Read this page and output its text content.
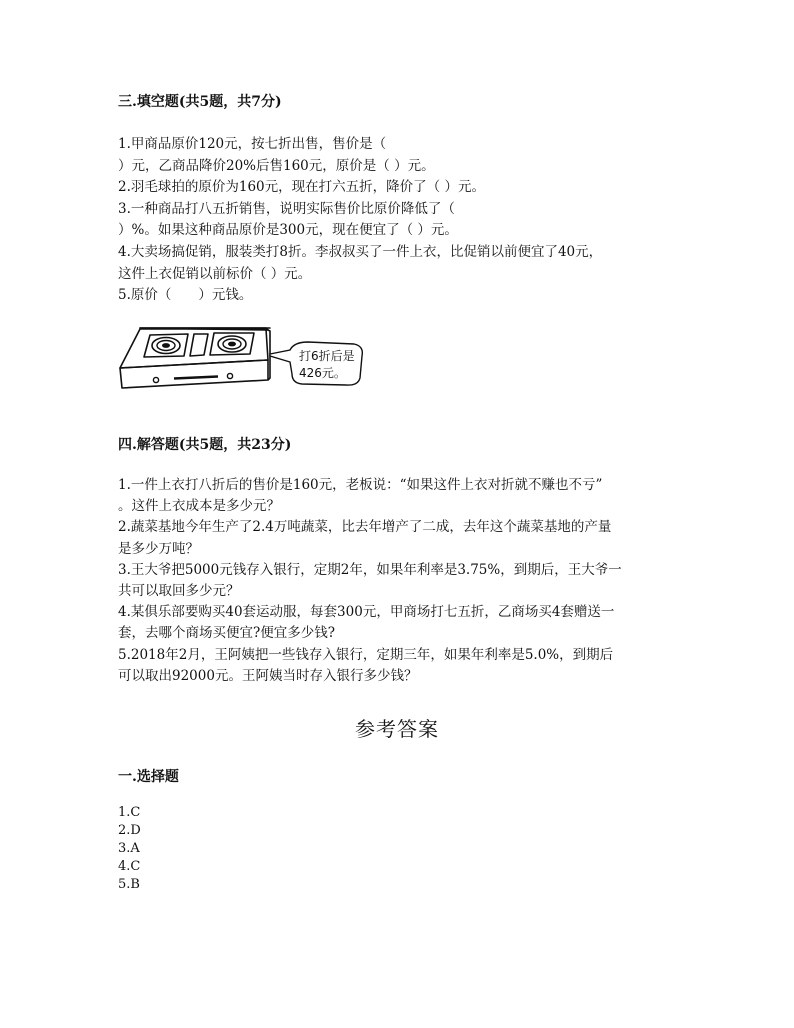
三.填空题(共5题，共7分)
1.甲商品原价120元，按七折出售，售价是（
）元，乙商品降价20%后售160元，原价是（ ）元。
2.羽毛球拍的原价为160元，现在打六五折，降价了（ ）元。
3.一种商品打八五折销售，说明实际售价比原价降低了（
）%。如果这种商品原价是300元，现在便宜了（ ）元。
4.大卖场搞促销，服装类打8折。李叔叔买了一件上衣，比促销以前便宜了40元，
这件上衣促销以前标价（ ）元。
5.原价（　　）元钱。
打6折后是
426元。
四.解答题(共5题，共23分)
1.一件上衣打八折后的售价是160元，老板说：“如果这件上衣对折就不赚也不亏”
。这件上衣成本是多少元？
2.蔬菜基地今年生产了2.4万吨蔬菜，比去年增产了二成，去年这个蔬菜基地的产量
是多少万吨？
3.王大爷把5000元钱存入银行，定期2年，如果年利率是3.75%，到期后，王大爷一
共可以取回多少元？
4.某俱乐部要购买40套运动服，每套300元，甲商场打七五折，乙商场买4套赠送一
套，去哪个商场买便宜?便宜多少钱?
5.2018年2月，王阿姨把一些钱存入银行，定期三年，如果年利率是5.0%，到期后
可以取出92000元。王阿姨当时存入银行多少钱？
参考答案
一.选择题
1.C
2.D
3.A
4.C
5.B
